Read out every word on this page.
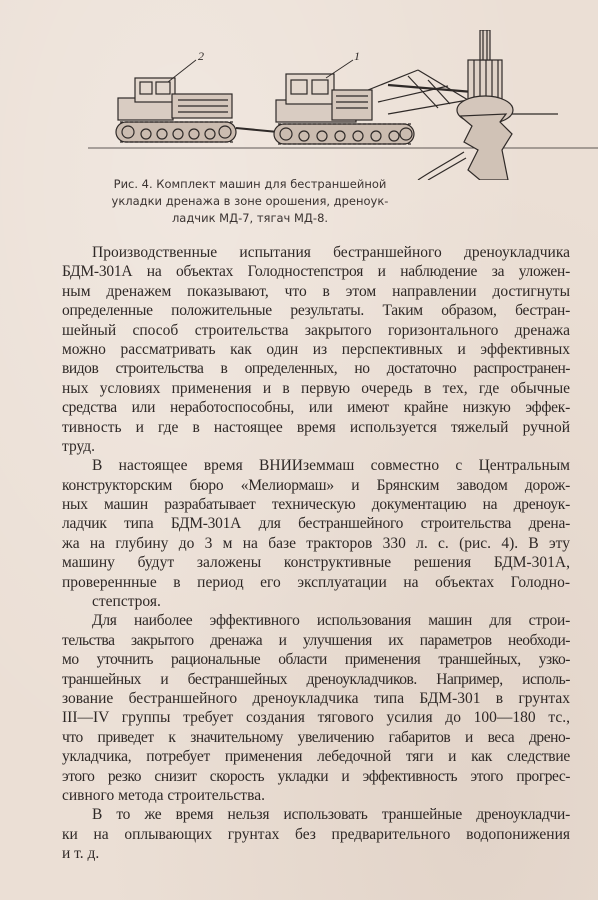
2	1
Рис. 4. Комплект машин для бестраншейной
укладки дренажа в зоне орошения, дреноук-
ладчик МД-7, тягач МД-8.
Производственные испытания бестраншейного дреноукладчика
БДМ-301А на объектах Голодностепстроя и наблюдение за уложен-
ным дренажем показывают, что в этом направлении достигнуты
определенные положительные результаты. Таким образом, бестран-
шейный способ строительства закрытого горизонтального дренажа
можно рассматривать как один из перспективных и эффективных
видов строительства в определенных, но достаточно распространен-
ных условиях применения и в первую очередь в тех, где обычные
средства или неработоспособны, или имеют крайне низкую эффек-
тивность и где в настоящее время используется тяжелый ручной
труд.
В настоящее время ВНИИземмаш совместно с Центральным
конструкторским бюро «Мелиормаш» и Брянским заводом дорож-
ных машин разрабатывает техническую документацию на дреноук-
ладчик типа БДМ-301А для бестраншейного строительства дрена-
жа на глубину до 3 м на базе тракторов 330 л. с. (рис. 4). В эту
машину будут заложены конструктивные решения БДМ-301А,
провереннные в период его эксплуатации на объектах Голодно-
степстроя.
Для наиболее эффективного использования машин для строи-
тельства закрытого дренажа и улучшения их параметров необходи-
мо уточнить рациональные области применения траншейных, узко-
траншейных и бестраншейных дреноукладчиков. Например, исполь-
зование бестраншейного дреноукладчика типа БДМ-301 в грунтах
III—IV группы требует создания тягового усилия до 100—180 тс.,
что приведет к значительному увеличению габаритов и веса дрено-
укладчика, потребует применения лебедочной тяги и как следствие
этого резко снизит скорость укладки и эффективность этого прогрес-
сивного метода строительства.
В то же время нельзя использовать траншейные дреноукладчи-
ки на оплывающих грунтах без предварительного водопонижения
и т. д.
